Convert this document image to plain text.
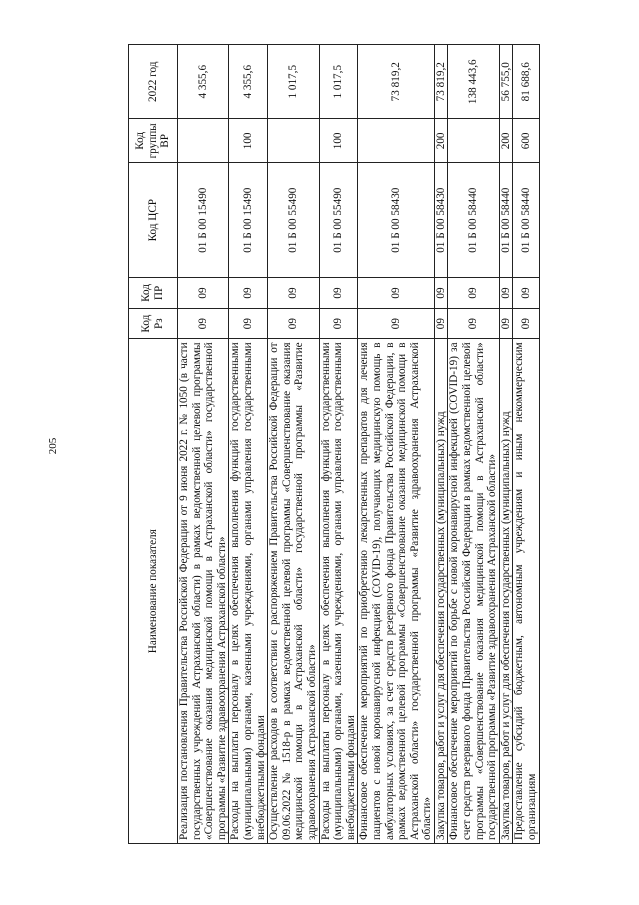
205
Наименование показателя	Код Рз	Код ПР	Код ЦСР	Код группы ВР	2022 год
Реализация постановления Правительства Российской Федерации от 9 июня 2022 г. № 1050 (в части государственных учреждений Астраханской области) в рамках ведомственной целевой программы «Совершенствование оказания медицинской помощи в Астраханской области» государственной программы «Развитие здравоохранения Астраханской области»	09	09	01 Б 00 15490		4 355,6
Расходы на выплаты персоналу в целях обеспечения выполнения функций государственными (муниципальными) органами, казенными учреждениями, органами управления государственными внебюджетными фондами	09	09	01 Б 00 15490	100	4 355,6
Осуществление расходов в соответствии с распоряжением Правительства Российской Федерации от 09.06.2022 № 1518-р в рамках ведомственной целевой программы «Совершенствование оказания медицинской помощи в Астраханской области» государственной программы «Развитие здравоохранения Астраханской области»	09	09	01 Б 00 55490		1 017,5
Расходы на выплаты персоналу в целях обеспечения выполнения функций государственными (муниципальными) органами, казенными учреждениями, органами управления государственными внебюджетными фондами	09	09	01 Б 00 55490	100	1 017,5
Финансовое обеспечение мероприятий по приобретению лекарственных препаратов для лечения пациентов с новой коронавирусной инфекцией (COVID-19), получающих медицинскую помощь в амбулаторных условиях, за счет средств резервного фонда Правительства Российской Федерации, в рамках ведомственной целевой программы «Совершенствование оказания медицинской помощи в Астраханской области» государственной программы «Развитие здравоохранения Астраханской области»	09	09	01 Б 00 58430		73 819,2
Закупка товаров, работ и услуг для обеспечения государственных (муниципальных) нужд	09	09	01 Б 00 58430	200	73 819,2
Финансовое обеспечение мероприятий по борьбе с новой коронавирусной инфекцией (COVID-19) за счет средств резервного фонда Правительства Российской Федерации в рамках ведомственной целевой программы «Совершенствование оказания медицинской помощи в Астраханской области» государственной программы «Развитие здравоохранения Астраханской области»	09	09	01 Б 00 58440		138 443,6
Закупка товаров, работ и услуг для обеспечения государственных (муниципальных) нужд	09	09	01 Б 00 58440	200	56 755,0
Предоставление субсидий бюджетным, автономным учреждениям и иным некоммерческим организациям	09	09	01 Б 00 58440	600	81 688,6
